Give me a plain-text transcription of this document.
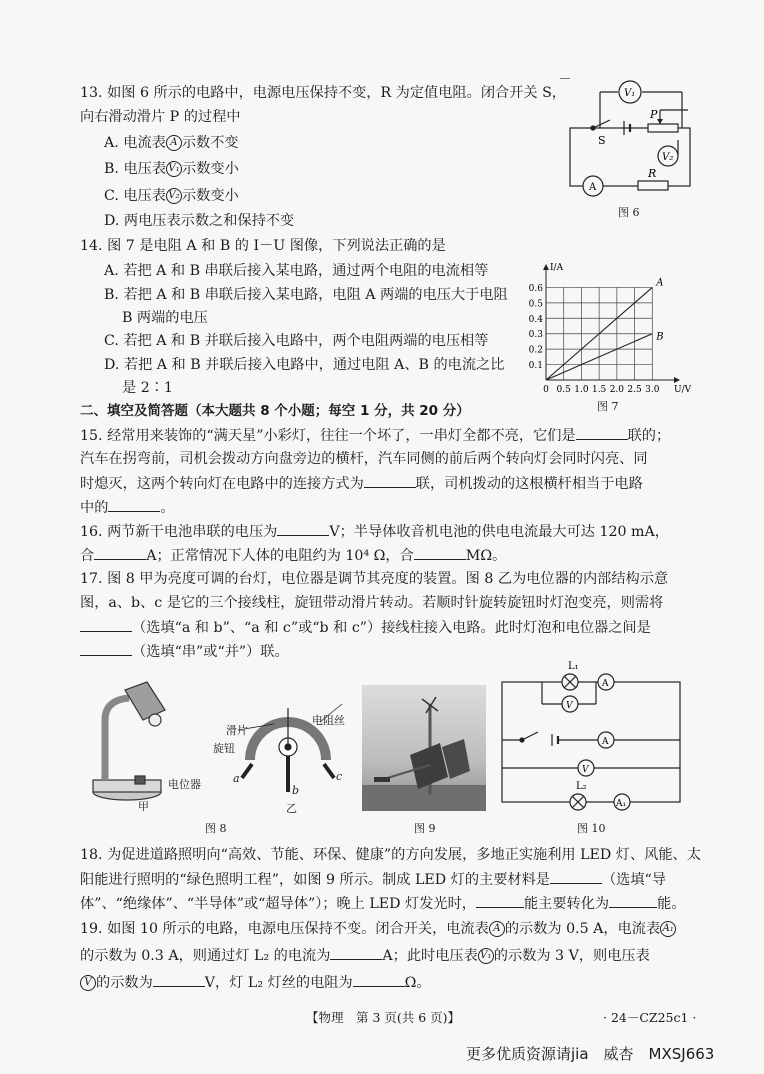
13. 如图 6 所示的电路中，电源电压保持不变，R 为定值电阻。闭合开关 S，
向右滑动滑片 P 的过程中
A. 电流表 A 示数不变
B. 电压表 V₁ 示数变小
C. 电压表 V₂ 示数变小
D. 两电压表示数之和保持不变
V₁
V₂
A
S
P
R
图 6
14. 图 7 是电阻 A 和 B 的 I－U 图像，下列说法正确的是
A. 若把 A 和 B 串联后接入某电路，通过两个电阻的电流相等
B. 若把 A 和 B 串联后接入某电路，电阻 A 两端的电压大于电阻
B 两端的电压
C. 若把 A 和 B 并联后接入电路中，两个电阻两端的电压相等
D. 若把 A 和 B 并联后接入电路中，通过电阻 A、B 的电流之比
是 2∶1
0.1
0.2
0.3
0.4
0.5
0.6
0 0.5 1.0 1.5 2.0 2.5 3.0 U/V
I/A
A
B
图 7
二、填空及简答题（本大题共 8 个小题；每空 1 分，共 20 分）
15. 经常用来装饰的“满天星”小彩灯，往往一个坏了，一串灯全都不亮，它们是	联的；
汽车在拐弯前，司机会拨动方向盘旁边的横杆，汽车同侧的前后两个转向灯会同时闪亮、同
时熄灭，这两个转向灯在电路中的连接方式为	联，司机拨动的这根横杆相当于电路
中的	。
16. 两节新干电池串联的电压为	V；半导体收音机电池的供电电流最大可达 120 mA，
合	A；正常情况下人体的电阻约为 10⁴ Ω，合	MΩ。
17. 图 8 甲为亮度可调的台灯，电位器是调节其亮度的装置。图 8 乙为电位器的内部结构示意
图，a、b、c 是它的三个接线柱，旋钮带动滑片转动。若顺时针旋转旋钮时灯泡变亮，则需将
（选填“a 和 b”、“a 和 c”或“b 和 c”）接线柱接入电路。此时灯泡和电位器之间是
（选填“串”或“并”）联。
电位器
甲
滑片
电阻丝
旋钮
a
b
c
乙
图 8	图 9
L₁
A
V
A
V
L₂
A₁
图 10
18. 为促进道路照明向“高效、节能、环保、健康”的方向发展，多地正实施利用 LED 灯、风能、太
阳能进行照明的“绿色照明工程”，如图 9 所示。制成 LED 灯的主要材料是	（选填“导
体”、“绝缘体”、“半导体”或“超导体”）；晚上 LED 灯发光时，	能主要转化为	能。
19. 如图 10 所示的电路，电源电压保持不变。闭合开关，电流表 A 的示数为 0.5 A，电流表 A₁
的示数为 0.3 A，则通过灯 L₂ 的电流为	A；此时电压表 V₁ 的示数为 3 V，则电压表
V 的示数为	V，灯 L₂ 灯丝的电阻为	Ω。
【物理　第 3 页(共 6 页)】	· 24－CZ25c1 ·
更多优质资源请jia　威杏　MXSJ663
